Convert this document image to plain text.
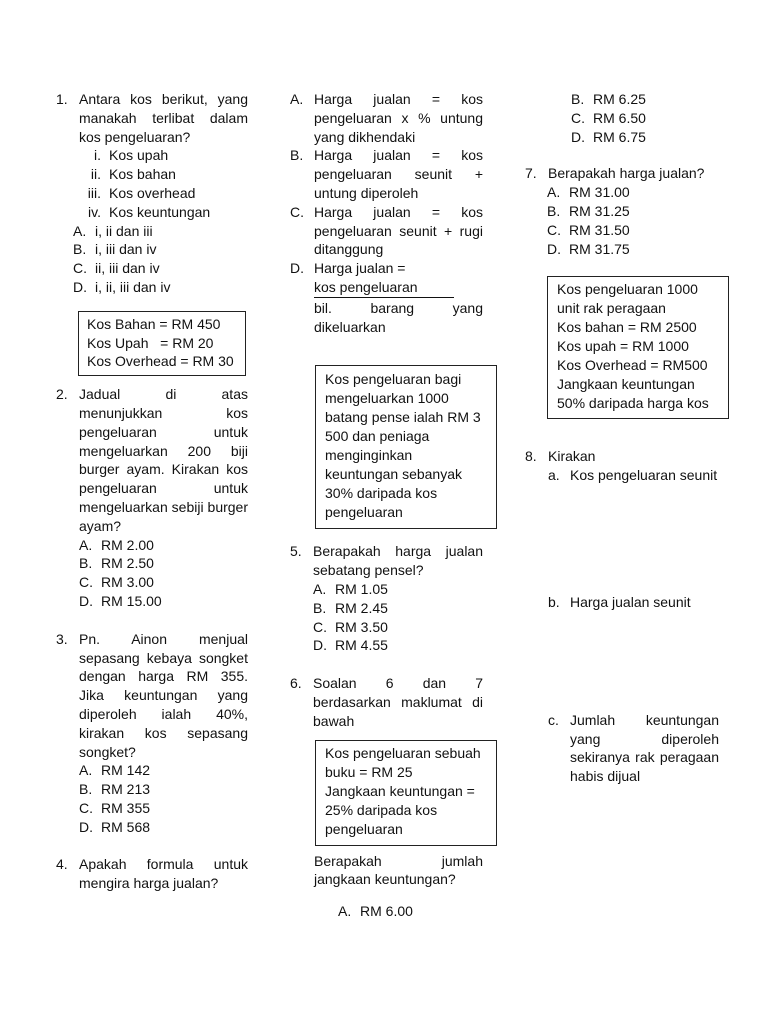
1. Antara kos berikut, yang manakah terlibat dalam kos pengeluaran?
i. Kos upah
ii. Kos bahan
iii. Kos overhead
iv. Kos keuntungan
A. i, ii dan iii
B. i, iii dan iv
C. ii, iii dan iv
D. i, ii, iii dan iv
Kos Bahan = RM 450
Kos Upah   = RM 20
Kos Overhead = RM 30
2. Jadual di atas menunjukkan kos pengeluaran untuk mengeluarkan 200 biji burger ayam. Kirakan kos pengeluaran untuk mengeluarkan sebiji burger ayam?
A. RM 2.00
B. RM 2.50
C. RM 3.00
D. RM 15.00
3. Pn. Ainon menjual sepasang kebaya songket dengan harga RM 355. Jika keuntungan yang diperoleh ialah 40%, kirakan kos sepasang songket?
A. RM 142
B. RM 213
C. RM 355
D. RM 568
4. Apakah formula untuk mengira harga jualan?
A. Harga jualan = kos pengeluaran x % untung yang dikhendaki
B. Harga jualan = kos pengeluaran seunit + untung diperoleh
C. Harga jualan = kos pengeluaran seunit + rugi ditanggung
D. Harga jualan =
kos pengeluaran
bil. barang yang dikeluarkan
Kos pengeluaran bagi mengeluarkan 1000 batang pense ialah RM 3 500 dan peniaga menginginkan keuntungan sebanyak 30% daripada kos pengeluaran
5. Berapakah harga jualan sebatang pensel?
A. RM 1.05
B. RM 2.45
C. RM 3.50
D. RM 4.55
6. Soalan 6 dan 7 berdasarkan maklumat di bawah
Kos pengeluaran sebuah buku = RM 25
Jangkaan keuntungan = 25% daripada kos pengeluaran
Berapakah jumlah jangkaan keuntungan?
A. RM 6.00
B. RM 6.25
C. RM 6.50
D. RM 6.75
7. Berapakah harga jualan?
A. RM 31.00
B. RM 31.25
C. RM 31.50
D. RM 31.75
Kos pengeluaran 1000 unit rak peragaan
Kos bahan = RM 2500
Kos upah = RM 1000
Kos Overhead = RM500
Jangkaan keuntungan 50% daripada harga kos
8. Kirakan
a. Kos pengeluaran seunit
b. Harga jualan seunit
c. Jumlah keuntungan yang diperoleh sekiranya rak peragaan habis dijual
